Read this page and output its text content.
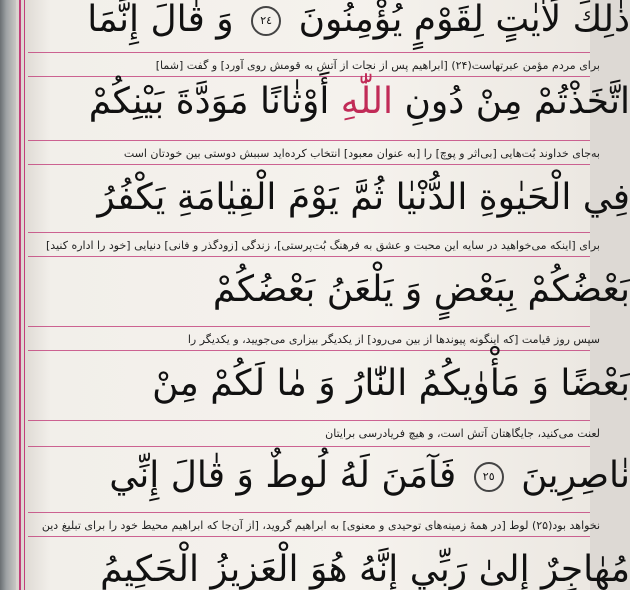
ذٰلِكَ لَاٰيٰتٍ لِقَوْمٍ يُؤْمِنُونَ ٢٤ وَ قٰالَ إِنَّمَا
برای مردم مؤمن عبرتهاست(۲۴) [ابراهیم پس از نجات از آتش به قومش روی آورد] و گفت [شما]
اتَّخَذْتُمْ مِنْ دُونِ اللّٰهِ أَوْثٰانًا مَوَدَّةَ بَيْنِكُمْ
به‌جای خداوند بُت‌هایی [بی‌اثر و پوچ] را [به عنوان معبود] انتخاب کرده‌اید سببش دوستی بین خودتان است
فِي الْحَيٰوةِ الدُّنْيٰا ثُمَّ يَوْمَ الْقِيٰامَةِ يَكْفُرُ
برای [اینکه می‌خواهید در سایه این محبت و عشق به فرهنگ بُت‌پرستی]، زندگی [زودگذر و فانی] دنیایی [خود را اداره کنید]
بَعْضُكُمْ بِبَعْضٍ وَ يَلْعَنُ بَعْضُكُمْ
سپس روز قیامت [که اینگونه پیوندها از بین می‌رود] از یکدیگر بیزاری می‌جویید، و یکدیگر را
بَعْضًا وَ مَأْوٰيكُمُ النّٰارُ وَ مٰا لَكُمْ مِنْ
لعنت می‌کنید، جایگاهتان آتش است، و هیچ فریادرسی برایتان
نٰاصِرِينَ ٢٥ فَآمَنَ لَهُ لُوطٌ وَ قٰالَ إِنِّي
نخواهد بود(۲۵) لوط [در همهٔ زمینه‌های توحیدی و معنوی] به ابراهیم گروید، [از آن‌جا که ابراهیم محیط خود را برای تبلیغ دین
مُهٰاجِرٌ إِلىٰ رَبِّي إِنَّهُ هُوَ الْعَزِيزُ الْحَكِيمُ
